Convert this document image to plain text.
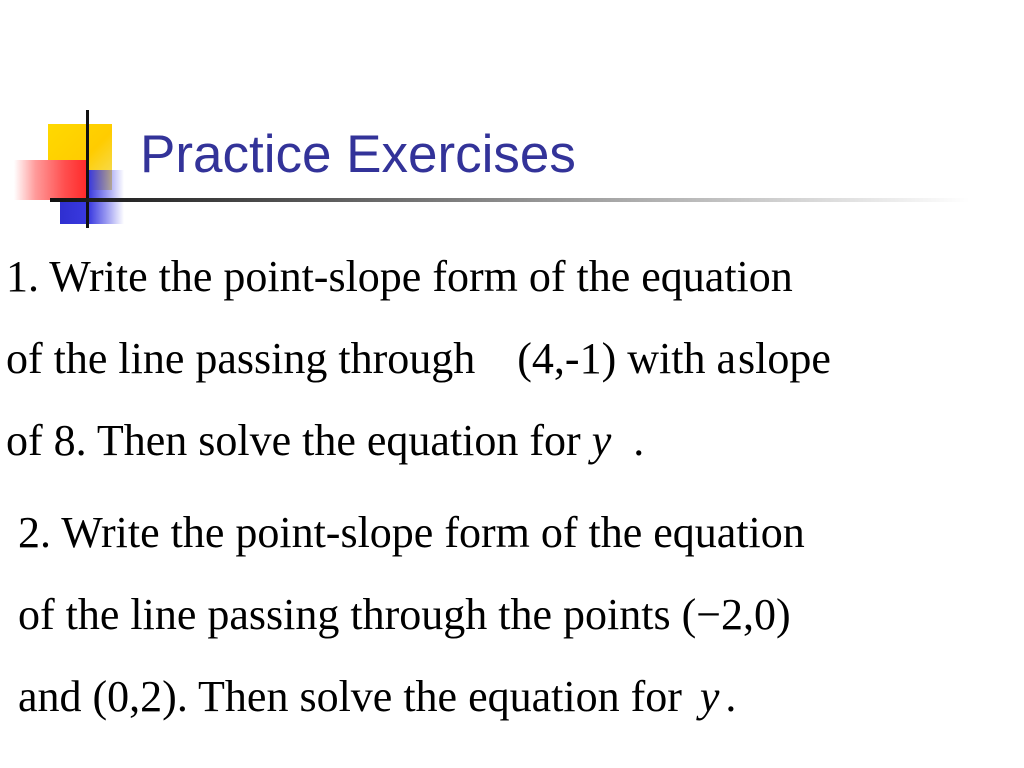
Practice Exercises
1. Write the point-slope form of the equation
of the line passing through (4,-1) with aslope
of 8. Then solve the equation for y .
2. Write the point-slope form of the equation
of the line passing through the points (−2,0)
and (0,2). Then solve the equation for y .
